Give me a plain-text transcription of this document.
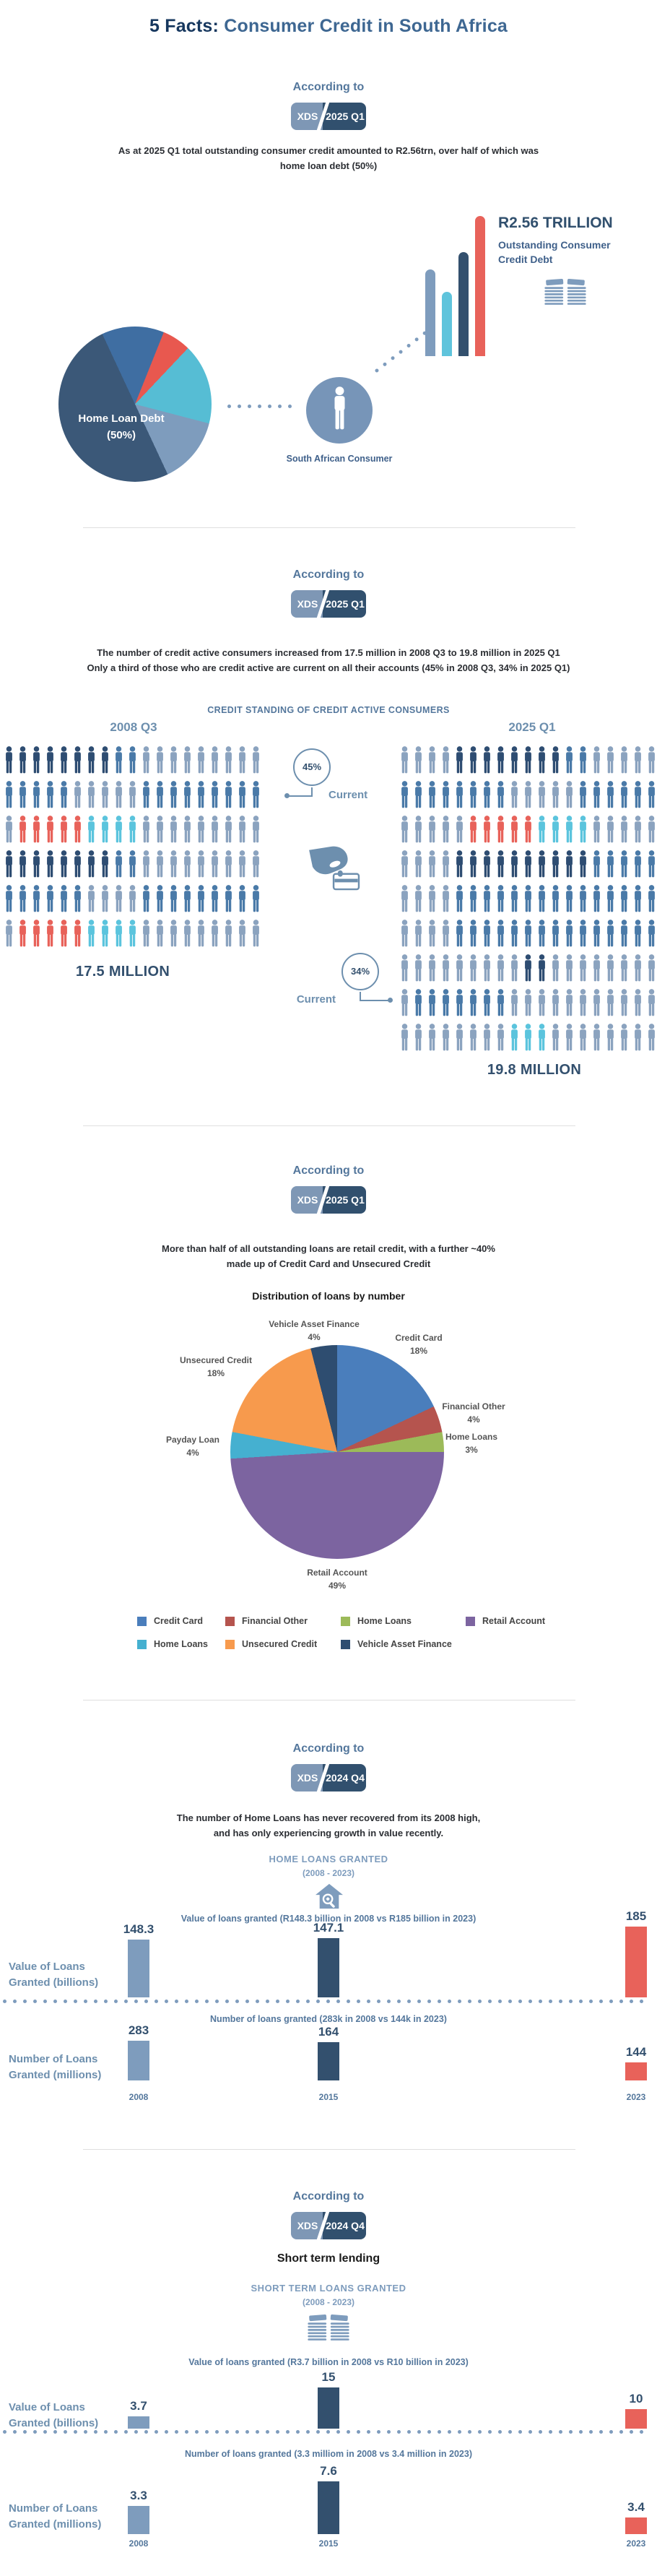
5 Facts: Consumer Credit in South Africa
According to
XDS 2025 Q1
As at 2025 Q1 total outstanding consumer credit amounted to R2.56trn, over half of which was
home loan debt (50%)
Home Loan Debt
(50%)
South African Consumer
R2.56 TRILLION
Outstanding Consumer
Credit Debt
According to
XDS 2025 Q1
The number of credit active consumers increased from 17.5 million in 2008 Q3 to 19.8 million in 2025 Q1
Only a third of those who are credit active are current on all their accounts (45% in 2008 Q3, 34% in 2025 Q1)
CREDIT STANDING OF CREDIT ACTIVE CONSUMERS
2008 Q3	2025 Q1
45%
Current
34%
Current
17.5 MILLION
19.8 MILLION
According to
XDS 2025 Q1
More than half of all outstanding loans are retail credit, with a further ~40%
made up of Credit Card and Unsecured Credit
Distribution of loans by number
Credit Card
18%
Financial Other
4%
Home Loans
3%
Retail Account
49%
Payday Loan
4%
Unsecured Credit
18%
Vehicle Asset Finance
4%
Credit Card	Financial Other	Home Loans	Retail Account
Home Loans	Unsecured Credit	Vehicle Asset Finance
According to
XDS 2024 Q4
The number of Home Loans has never recovered from its 2008 high,
and has only experiencing growth in value recently.
HOME LOANS GRANTED
(2008 - 2023)
Value of loans granted (R148.3 billion in 2008 vs R185 billion in 2023)
Value of Loans
Granted (billions)
148.3	147.1
185
Number of loans granted (283k in 2008 vs 144k in 2023)
Number of Loans
Granted (millions)
283
2008
164
2015
144
2023
According to
XDS 2024 Q4
Short term lending
SHORT TERM LOANS GRANTED
(2008 - 2023)
Value of loans granted (R3.7 billion in 2008 vs R10 billion in 2023)
Value of Loans
Granted (billions)
3.7
15
10
Number of loans granted (3.3 milliom in 2008 vs 3.4 million in 2023)
Number of Loans
Granted (millions)
3.3
2008
7.6
2015
3.4
2023
